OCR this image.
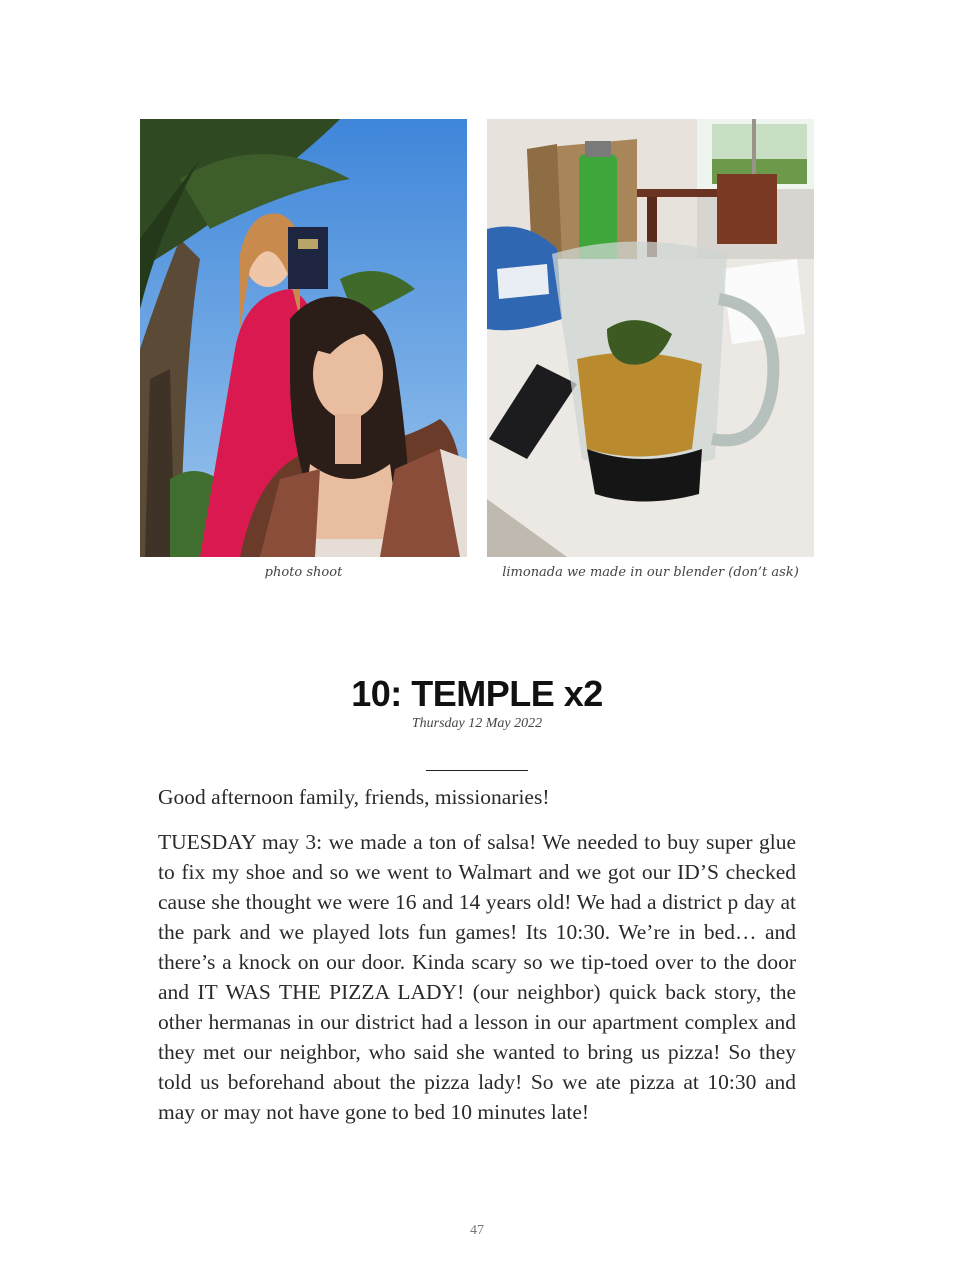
photo shoot	limonada we made in our blender (don’t ask)
10: TEMPLE x2
Thursday 12 May 2022

Good afternoon family, friends, missionaries!

TUESDAY may 3: we made a ton of salsa! We needed to buy super glue to fix my shoe and so we went to Walmart and we got our ID’S checked cause she thought we were 16 and 14 years old! We had a district p day at the park and we played lots fun games! Its 10:30. We’re in bed… and there’s a knock on our door. Kinda scary so we tip-toed over to the door and IT WAS THE PIZZA LADY! (our neighbor) quick back story, the other hermanas in our district had a lesson in our apartment complex and they met our neighbor, who said she wanted to bring us pizza! So they told us beforehand about the pizza lady! So we ate pizza at 10:30 and may or may not have gone to bed 10 minutes late!

47
